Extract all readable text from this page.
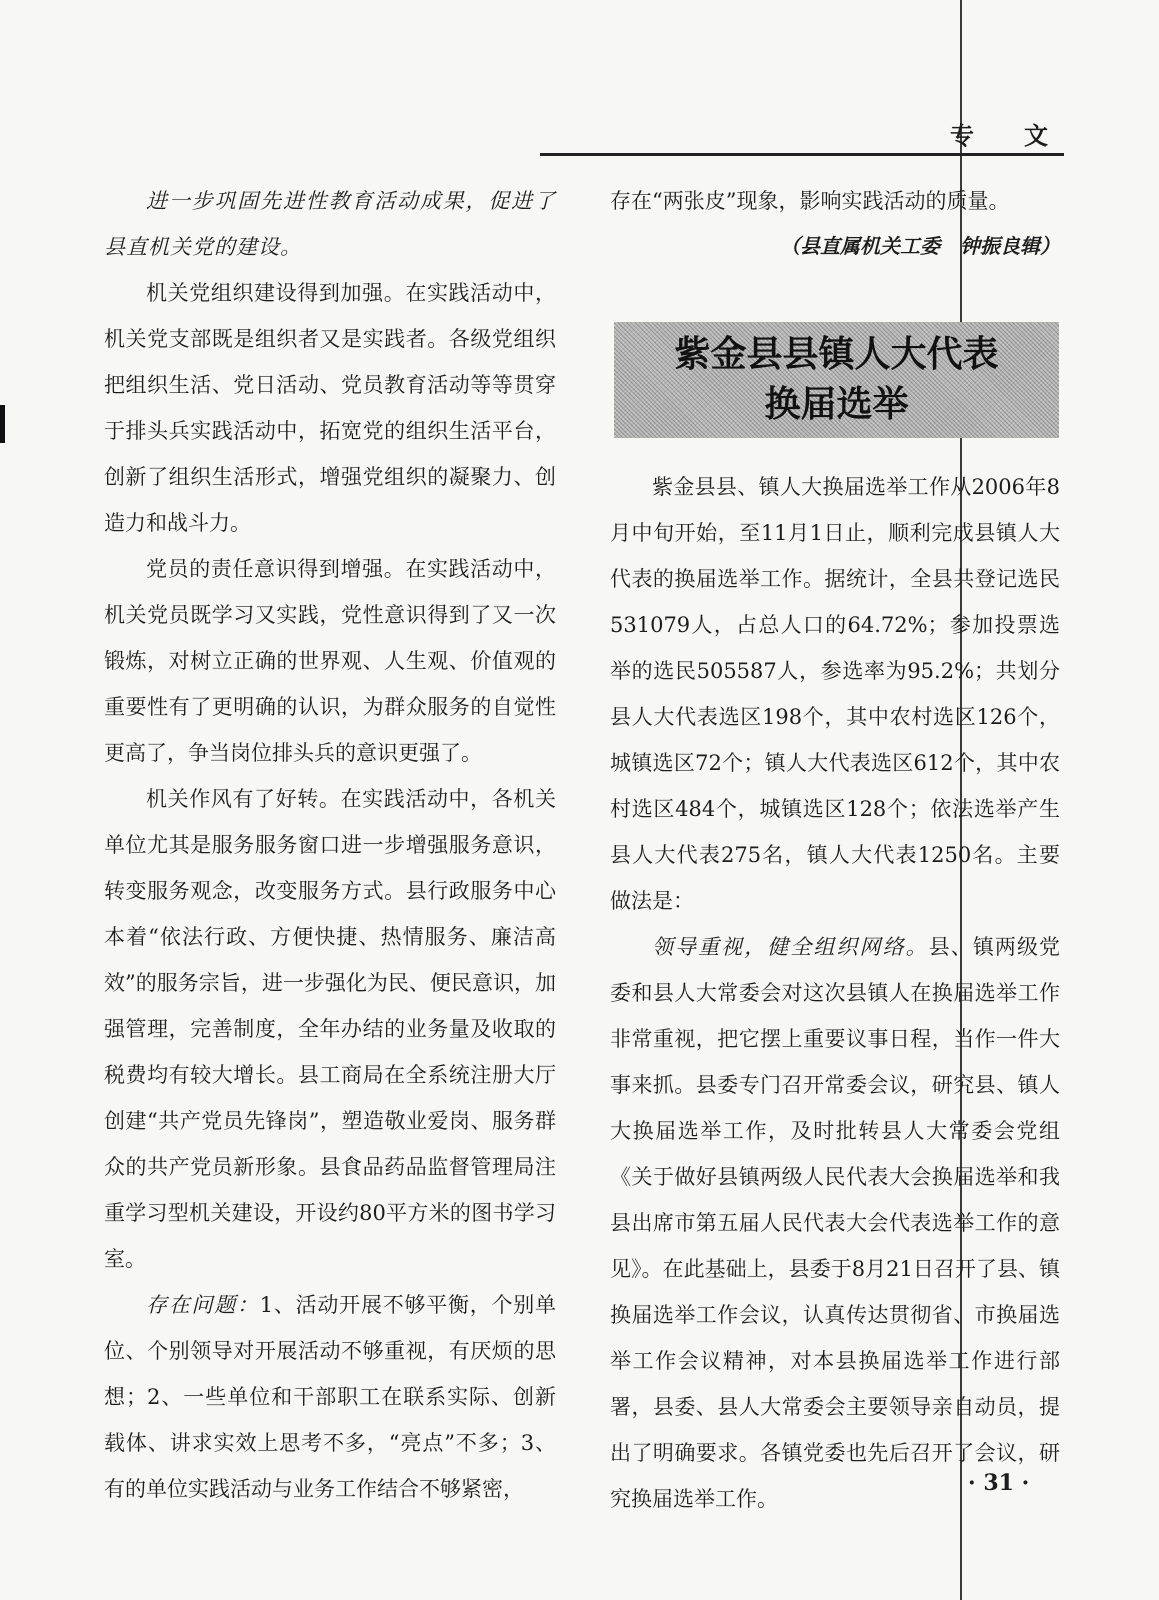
专 文

进一步巩固先进性教育活动成果，促进了县直机关党的建设。

机关党组织建设得到加强。在实践活动中，机关党支部既是组织者又是实践者。各级党组织把组织生活、党日活动、党员教育活动等等贯穿于排头兵实践活动中，拓宽党的组织生活平台，创新了组织生活形式，增强党组织的凝聚力、创造力和战斗力。

党员的责任意识得到增强。在实践活动中，机关党员既学习又实践，党性意识得到了又一次锻炼，对树立正确的世界观、人生观、价值观的重要性有了更明确的认识，为群众服务的自觉性更高了，争当岗位排头兵的意识更强了。

机关作风有了好转。在实践活动中，各机关单位尤其是服务服务窗口进一步增强服务意识，转变服务观念，改变服务方式。县行政服务中心本着“依法行政、方便快捷、热情服务、廉洁高效”的服务宗旨，进一步强化为民、便民意识，加强管理，完善制度，全年办结的业务量及收取的税费均有较大增长。县工商局在全系统注册大厅创建“共产党员先锋岗”，塑造敬业爱岗、服务群众的共产党员新形象。县食品药品监督管理局注重学习型机关建设，开设约80平方米的图书学习室。

存在问题：1、活动开展不够平衡，个别单位、个别领导对开展活动不够重视，有厌烦的思想；2、一些单位和干部职工在联系实际、创新载体、讲求实效上思考不多，“亮点”不多；3、有的单位实践活动与业务工作结合不够紧密，

存在“两张皮”现象，影响实践活动的质量。

（县直属机关工委　钟振良辑）
紫金县县镇人大代表
换届选举

紫金县县、镇人大换届选举工作从2006年8月中旬开始，至11月1日止，顺利完成县镇人大代表的换届选举工作。据统计，全县共登记选民531079人，占总人口的64.72%；参加投票选举的选民505587人，参选率为95.2%；共划分县人大代表选区198个，其中农村选区126个，城镇选区72个；镇人大代表选区612个，其中农村选区484个，城镇选区128个；依法选举产生县人大代表275名，镇人大代表1250名。主要做法是：

领导重视，健全组织网络。县、镇两级党委和县人大常委会对这次县镇人在换届选举工作非常重视，把它摆上重要议事日程，当作一件大事来抓。县委专门召开常委会议，研究县、镇人大换届选举工作，及时批转县人大常委会党组《关于做好县镇两级人民代表大会换届选举和我县出席市第五届人民代表大会代表选举工作的意见》。在此基础上，县委于8月21日召开了县、镇换届选举工作会议，认真传达贯彻省、市换届选举工作会议精神，对本县换届选举工作进行部署，县委、县人大常委会主要领导亲自动员，提出了明确要求。各镇党委也先后召开了会议，研究换届选举工作。

· 31 ·
